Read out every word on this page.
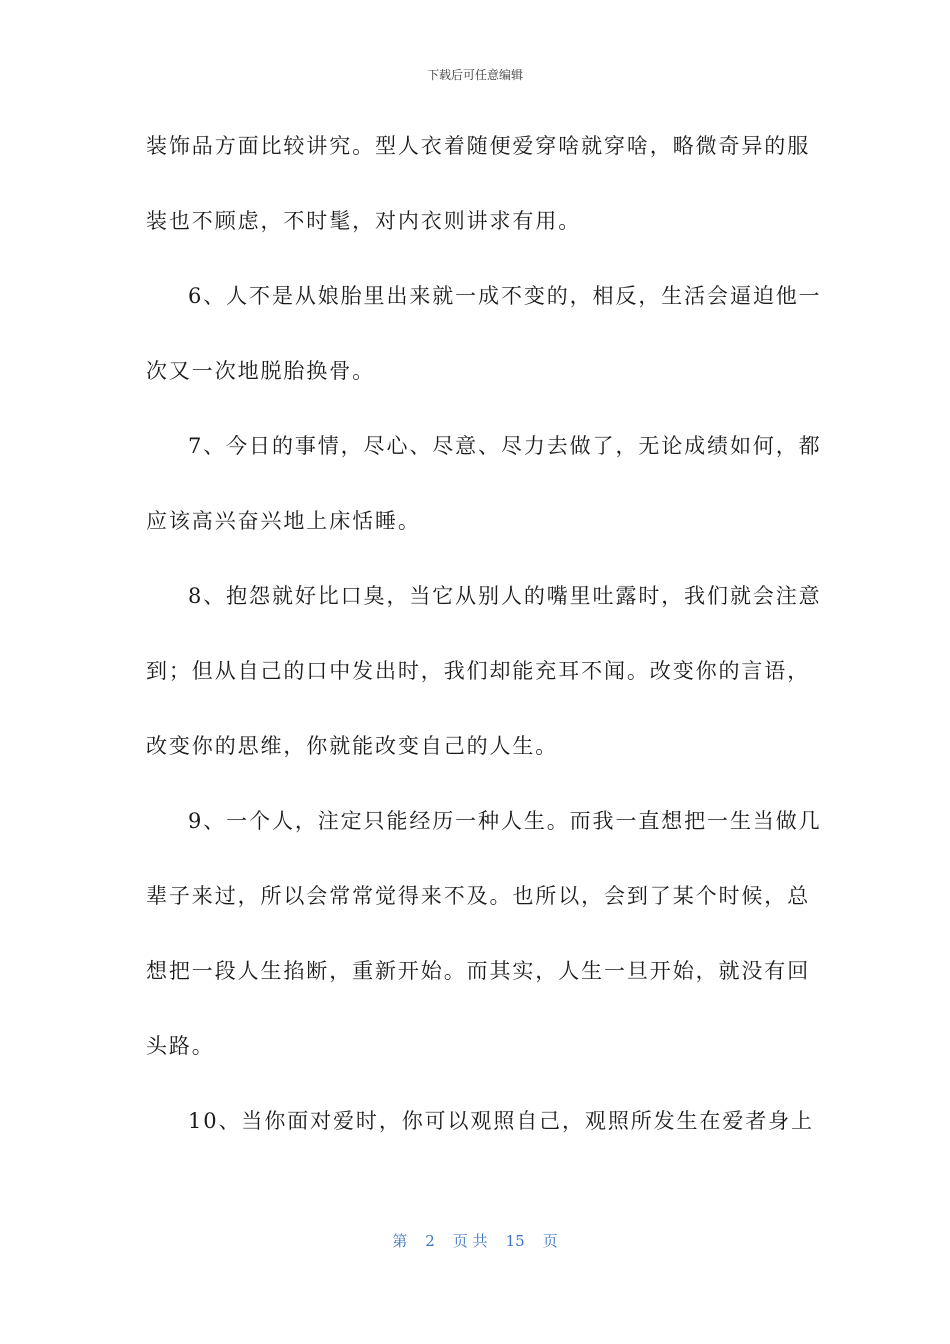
下载后可任意编辑
装饰品方面比较讲究。型人衣着随便爱穿啥就穿啥，略微奇异的服
装也不顾虑，不时髦，对内衣则讲求有用。
6、人不是从娘胎里出来就一成不变的，相反，生活会逼迫他一
次又一次地脱胎换骨。
7、今日的事情，尽心、尽意、尽力去做了，无论成绩如何，都
应该高兴奋兴地上床恬睡。
8、抱怨就好比口臭，当它从别人的嘴里吐露时，我们就会注意
到；但从自己的口中发出时，我们却能充耳不闻。改变你的言语，
改变你的思维，你就能改变自己的人生。
9、一个人，注定只能经历一种人生。而我一直想把一生当做几
辈子来过，所以会常常觉得来不及。也所以，会到了某个时候，总
想把一段人生掐断，重新开始。而其实，人生一旦开始，就没有回
头路。
10、当你面对爱时，你可以观照自己，观照所发生在爱者身上
第 2 页 共 15 页
